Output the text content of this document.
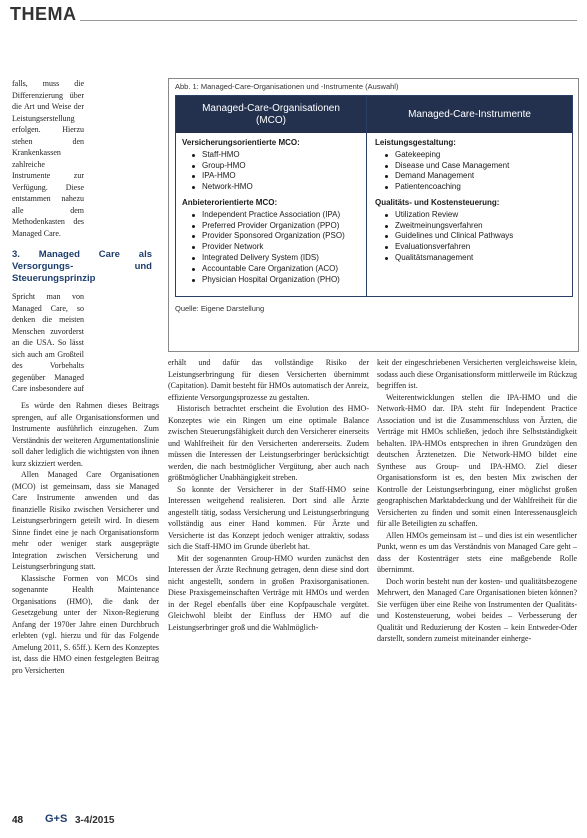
THEMA
Abb. 1: Managed-Care-Organisationen und -Instrumente (Auswahl)
Managed-Care-Organisationen
(MCO)
Managed-Care-Instrumente
Versicherungsorientierte MCO:
Staff-HMO
Group-HMO
IPA-HMO
Network-HMO
Anbieterorientierte MCO:
Independent Practice Association (IPA)
Preferred Provider Organization (PPO)
Provider Sponsored Organization (PSO)
Provider Network
Integrated Delivery System (IDS)
Accountable Care Organization (ACO)
Physician Hospital Organization (PHO)
Leistungsgestaltung:
Gatekeeping
Disease und Case Management
Demand Management
Patientencoaching
Qualitäts- und Kostensteuerung:
Utilization Review
Zweitmeinungsverfahren
Guidelines und Clinical Pathways
Evaluationsverfahren
Qualitätsmanagement
Quelle: Eigene Darstellung

falls, muss die Differenzierung über die Art und Weise der Leistungserstellung erfolgen. Hierzu stehen den Krankenkassen zahlreiche Instrumente zur Verfügung. Diese entstammen nahezu alle dem Methodenkasten des Managed Care.

3. Managed Care als Versorgungs- und Steuerungsprinzip

Spricht man von Managed Care, so denken die meisten Menschen zuvorderst an die USA. So lässt sich auch am Großteil des Vorbehalts gegenüber Managed Care insbesondere auf

Es würde den Rahmen dieses Beitrags sprengen, auf alle Organisationsformen und Instrumente ausführlich einzugehen. Zum Verständnis der weiteren Argumentationslinie soll daher lediglich die wichtigsten von ihnen kurz skizziert werden.

Allen Managed Care Organisationen (MCO) ist gemeinsam, dass sie Managed Care Instrumente anwenden und das finanzielle Risiko zwischen Versicherer und Leistungserbringern geteilt wird. In diesem Sinne findet eine je nach Organisationsform mehr oder weniger stark ausgeprägte Integration zwischen Versicherung und Leistungserbringung statt.

Klassische Formen von MCOs sind sogenannte Health Maintenance Organisations (HMO), die dank der Gesetzgebung unter der Nixon-Regierung Anfang der 1970er Jahre einen Durchbruch erlebten (vgl. hierzu und für das Folgende Amelung 2011, S. 65ff.). Kern des Konzeptes ist, dass die HMO einen festgelegten Beitrag pro Versicherten

erhält und dafür das vollständige Risiko der Leistungserbringung für diesen Versicherten übernimmt (Capitation). Damit besteht für HMOs automatisch der Anreiz, effiziente Versorgungsprozesse zu gestalten.

Historisch betrachtet erscheint die Evolution des HMO-Konzeptes wie ein Ringen um eine optimale Balance zwischen Steuerungsfähigkeit durch den Versicherer einerseits und Wahlfreiheit für den Versicherten andererseits. Zudem müssen die Interessen der Leistungserbringer berücksichtigt werden, die nach bestmöglicher Vergütung, aber auch nach größtmöglicher Unabhängigkeit streben.

So konnte der Versicherer in der Staff-HMO seine Interessen weitgehend realisieren. Dort sind alle Ärzte angestellt tätig, sodass Versicherung und Leistungserbringung vollständig aus einer Hand kommen. Für Ärzte und Versicherte ist das Konzept jedoch weniger attraktiv, sodass sich die Staff-HMO im Grunde überlebt hat.

Mit der sogenannten Group-HMO wurden zunächst den Interessen der Ärzte Rechnung getragen, denn diese sind dort nicht angestellt, sondern in großen Praxisorganisationen. Diese Praxisgemeinschaften Verträge mit HMOs und werden in der Regel ebenfalls über eine Kopfpauschale vergütet. Gleichwohl bleibt der Einfluss der HMO auf die Leistungserbringer groß und die Wahlmöglich-

keit der eingeschriebenen Versicherten vergleichsweise klein, sodass auch diese Organisationsform mittlerweile im Rückzug begriffen ist.

Weiterentwicklungen stellen die IPA-HMO und die Network-HMO dar. IPA steht für Independent Practice Association und ist die Zusammenschluss von Ärzten, die Verträge mit HMOs schließen, jedoch ihre Selbstständigkeit behalten. IPA-HMOs entsprechen in ihren Grundzügen den deutschen Ärztenetzen. Die Network-HMO bildet eine Synthese aus Group- und IPA-HMO. Ziel dieser Organisationsform ist es, den besten Mix zwischen der Kontrolle der Leistungserbringung, einer möglichst großen geographischen Marktabdeckung und der Wahlfreiheit für die Versicherten zu finden und somit einen Interessenausgleich für alle Beteiligten zu schaffen.

Allen HMOs gemeinsam ist – und dies ist ein wesentlicher Punkt, wenn es um das Verständnis von Managed Care geht – dass der Kostenträger stets eine maßgebende Rolle übernimmt.

Doch worin besteht nun der kosten- und qualitätsbezogene Mehrwert, den Managed Care Organisationen bieten können? Sie verfügen über eine Reihe von Instrumenten der Qualitäts- und Kostensteuerung, wobei beides – Verbesserung der Qualität und Reduzierung der Kosten – kein Entweder-Oder darstellt, sondern zumeist miteinander einherge-

48 G+S 3-4/2015
